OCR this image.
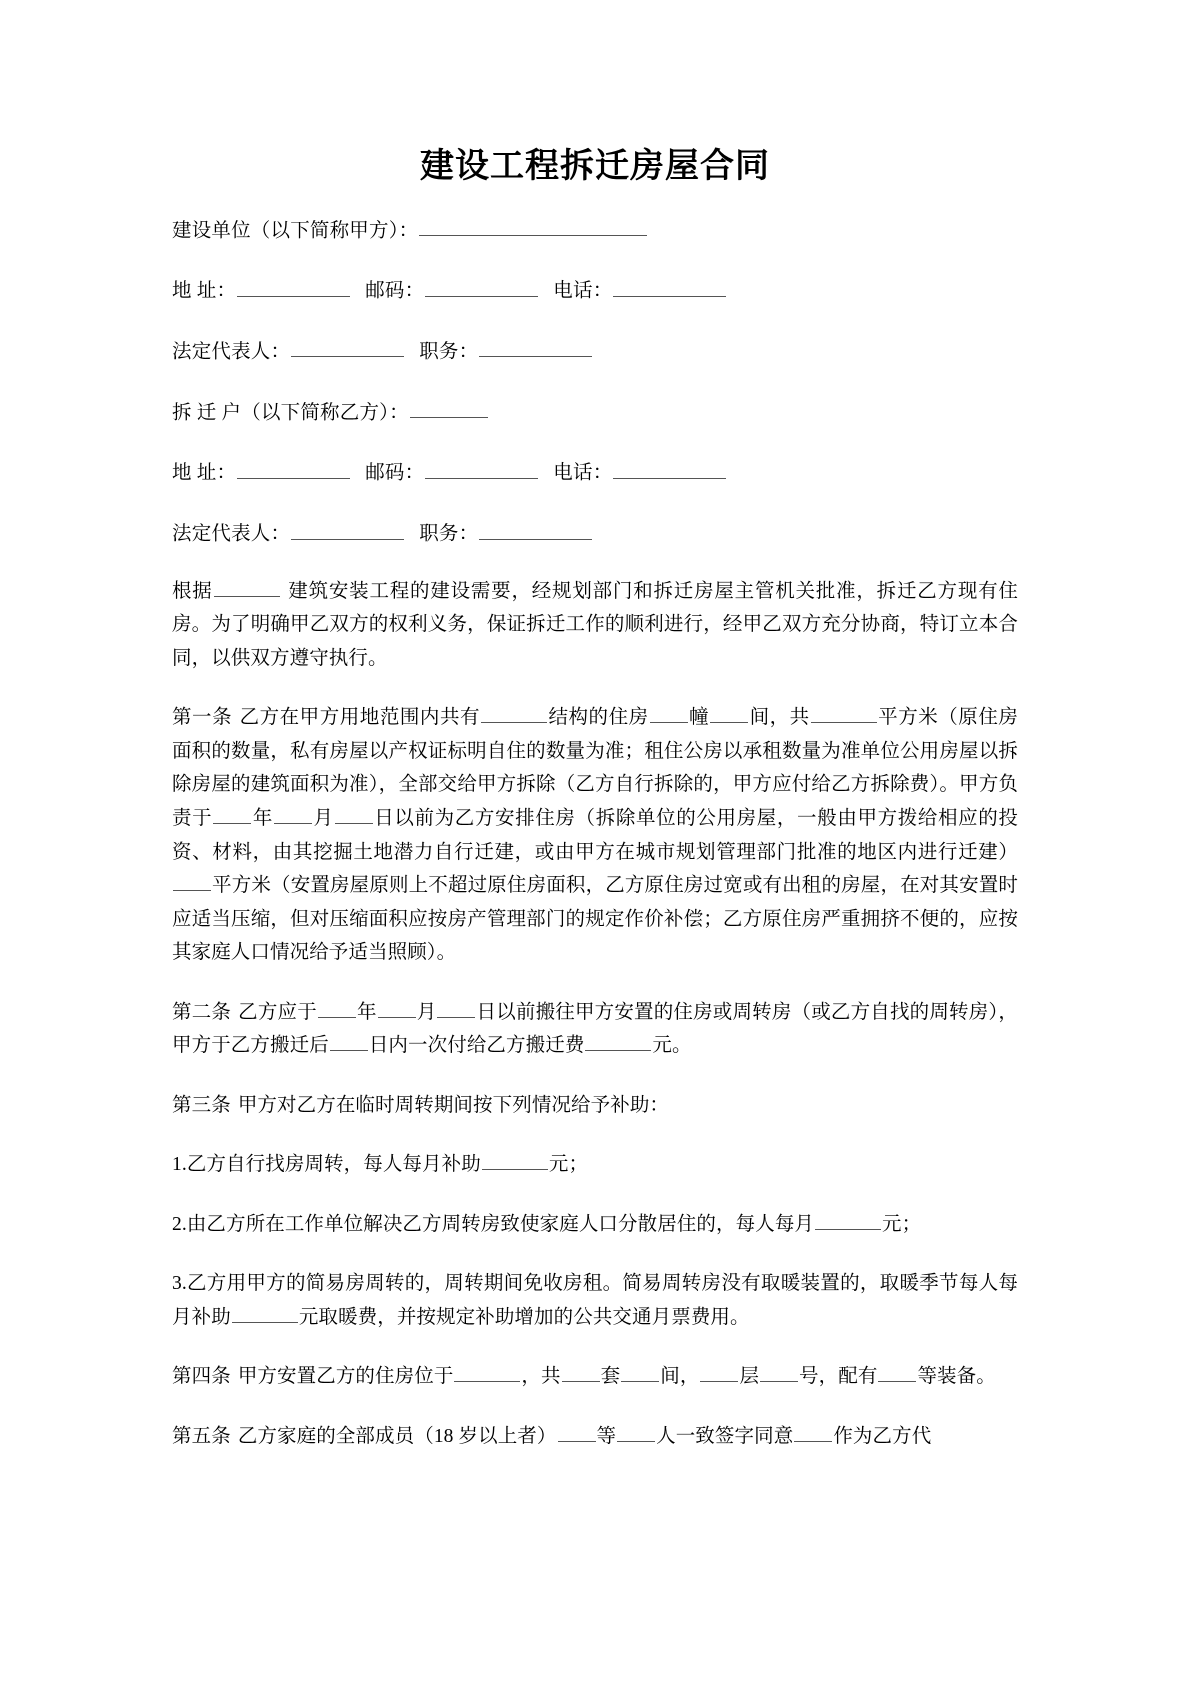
建设工程拆迁房屋合同

建设单位（以下简称甲方）：

地 址：	邮码：	电话：

法定代表人：	职务：

拆 迁 户（以下简称乙方）：

地 址：	邮码：	电话：

法定代表人：	职务：

根据	建筑安装工程的建设需要，经规划部门和拆迁房屋主管机关批准，拆迁乙方现有住房。为了明确甲乙双方的权利义务，保证拆迁工作的顺利进行，经甲乙双方充分协商，特订立本合同，以供双方遵守执行。

第一条 乙方在甲方用地范围内共有	结构的住房 幢 间，共	平方米（原住房面积的数量，私有房屋以产权证标明自住的数量为准；租住公房以承租数量为准单位公用房屋以拆除房屋的建筑面积为准），全部交给甲方拆除（乙方自行拆除的，甲方应付给乙方拆除费）。甲方负责于 年 月 日以前为乙方安排住房（拆除单位的公用房屋，一般由甲方拨给相应的投资、材料，由其挖掘土地潜力自行迁建，或由甲方在城市规划管理部门批准的地区内进行迁建）平方米（安置房屋原则上不超过原住房面积，乙方原住房过宽或有出租的房屋，在对其安置时应适当压缩，但对压缩面积应按房产管理部门的规定作价补偿；乙方原住房严重拥挤不便的，应按其家庭人口情况给予适当照顾）。

第二条 乙方应于 年 月 日以前搬往甲方安置的住房或周转房（或乙方自找的周转房），甲方于乙方搬迁后 日内一次付给乙方搬迁费	元。

第三条 甲方对乙方在临时周转期间按下列情况给予补助：

1.乙方自行找房周转，每人每月补助	元；

2.由乙方所在工作单位解决乙方周转房致使家庭人口分散居住的，每人每月	元；

3.乙方用甲方的简易房周转的，周转期间免收房租。简易周转房没有取暖装置的，取暖季节每人每月补助	元取暖费，并按规定补助增加的公共交通月票费用。

第四条 甲方安置乙方的住房位于	，共 套 间， 层 号，配有 等装备。

第五条 乙方家庭的全部成员（18 岁以上者） 等 人一致签字同意 作为乙方代
